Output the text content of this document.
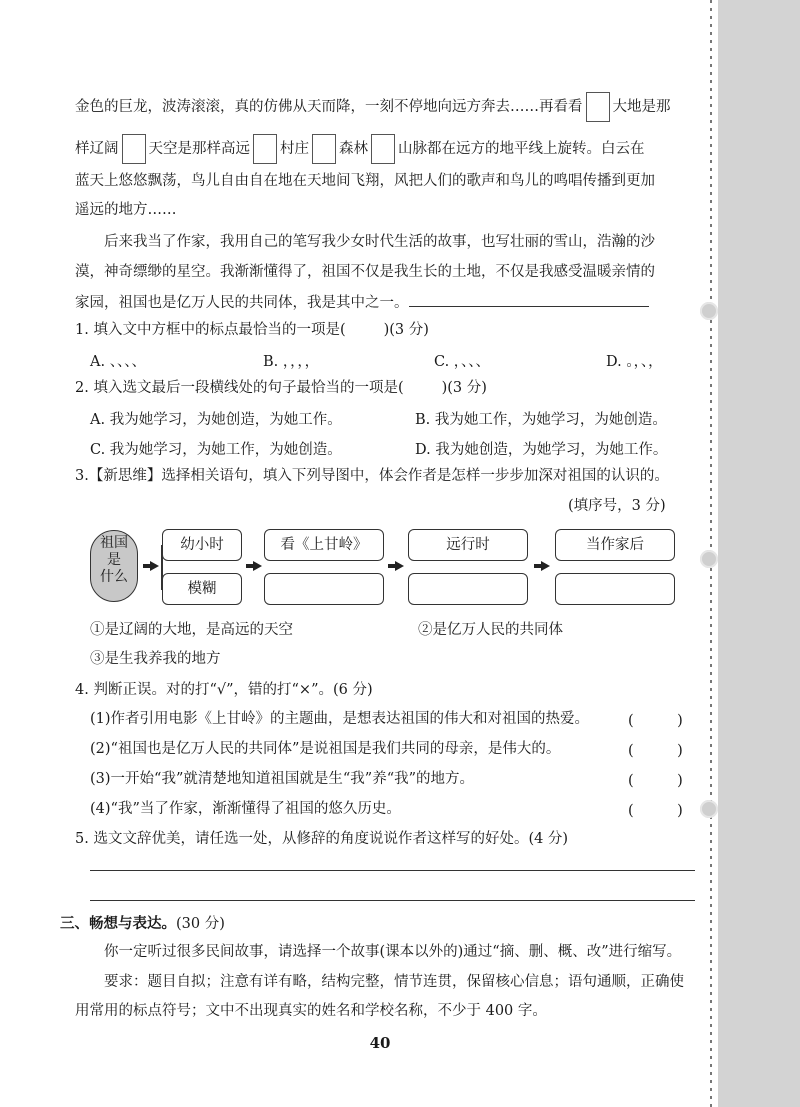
金色的巨龙，波涛滚滚，真的仿佛从天而降，一刻不停地向远方奔去……再看看 大地是那
样辽阔 天空是那样高远 村庄 森林 山脉都在远方的地平线上旋转。白云在
蓝天上悠悠飘荡，鸟儿自由自在地在天地间飞翔，风把人们的歌声和鸟儿的鸣唱传播到更加
遥远的地方……
后来我当了作家，我用自己的笔写我少女时代生活的故事，也写壮丽的雪山，浩瀚的沙
漠，神奇缥缈的星空。我渐渐懂得了，祖国不仅是我生长的土地，不仅是我感受温暖亲情的
家园，祖国也是亿万人民的共同体，我是其中之一。
1. 填入文中方框中的标点最恰当的一项是(	)(3 分)
A. 、、、、	B. ，，，，	C. ，、、、	D. 。，、，
2. 填入选文最后一段横线处的句子最恰当的一项是(	)(3 分)
A. 我为她学习，为她创造，为她工作。	B. 我为她工作，为她学习，为她创造。
C. 我为她学习，为她工作，为她创造。	D. 我为她创造，为她学习，为她工作。
3.【新思维】选择相关语句，填入下列导图中，体会作者是怎样一步步加深对祖国的认识的。
(填序号，3 分)
祖国
是
什么
幼小时
模糊
看《上甘岭》	远行时	当作家后
①是辽阔的大地，是高远的天空	②是亿万人民的共同体
③是生我养我的地方
4. 判断正误。对的打“√”，错的打“×”。(6 分)
(1)作者引用电影《上甘岭》的主题曲，是想表达祖国的伟大和对祖国的热爱。	(　　　)
(2)“祖国也是亿万人民的共同体”是说祖国是我们共同的母亲，是伟大的。	(　　　)
(3)一开始“我”就清楚地知道祖国就是生“我”养“我”的地方。	(　　　)
(4)“我”当了作家，渐渐懂得了祖国的悠久历史。	(　　　)
5. 选文文辞优美，请任选一处，从修辞的角度说说作者这样写的好处。(4 分)
三、畅想与表达。(30 分)
你一定听过很多民间故事，请选择一个故事(课本以外的)通过“摘、删、概、改”进行缩写。
要求：题目自拟；注意有详有略，结构完整，情节连贯，保留核心信息；语句通顺，正确使
用常用的标点符号；文中不出现真实的姓名和学校名称，不少于 400 字。
40
